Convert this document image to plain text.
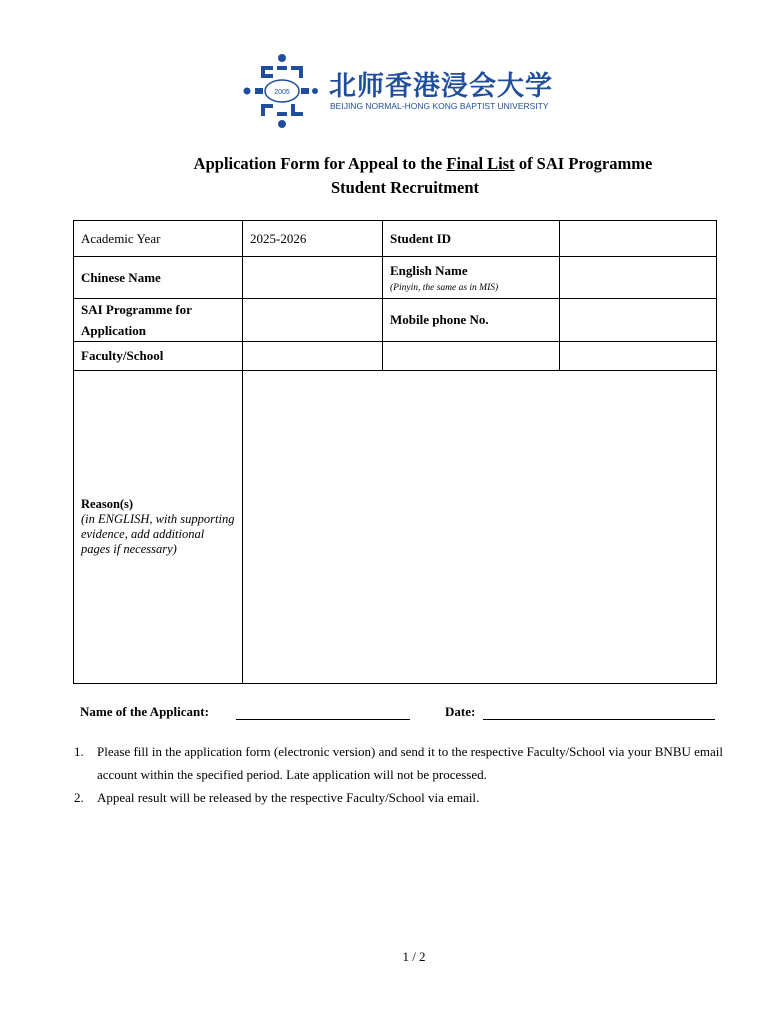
2005 北师香港浸会大学
BEIJING NORMAL-HONG KONG BAPTIST UNIVERSITY
Application Form for Appeal to the Final List of SAI Programme
Student Recruitment
Academic Year	2025-2026	Student ID	
Chinese Name		English Name
(Pinyin, the same as in MIS)	

SAI Programme for Application		Mobile phone No.	
Faculty/School			

Reason(s)
(in ENGLISH, with supporting evidence, add additional pages if necessary)			

Name of the Applicant:	Date:
1. Please fill in the application form (electronic version) and send it to the respective Faculty/School via your BNBU email account within the specified period. Late application will not be processed.
2. Appeal result will be released by the respective Faculty/School via email.
1 / 2
